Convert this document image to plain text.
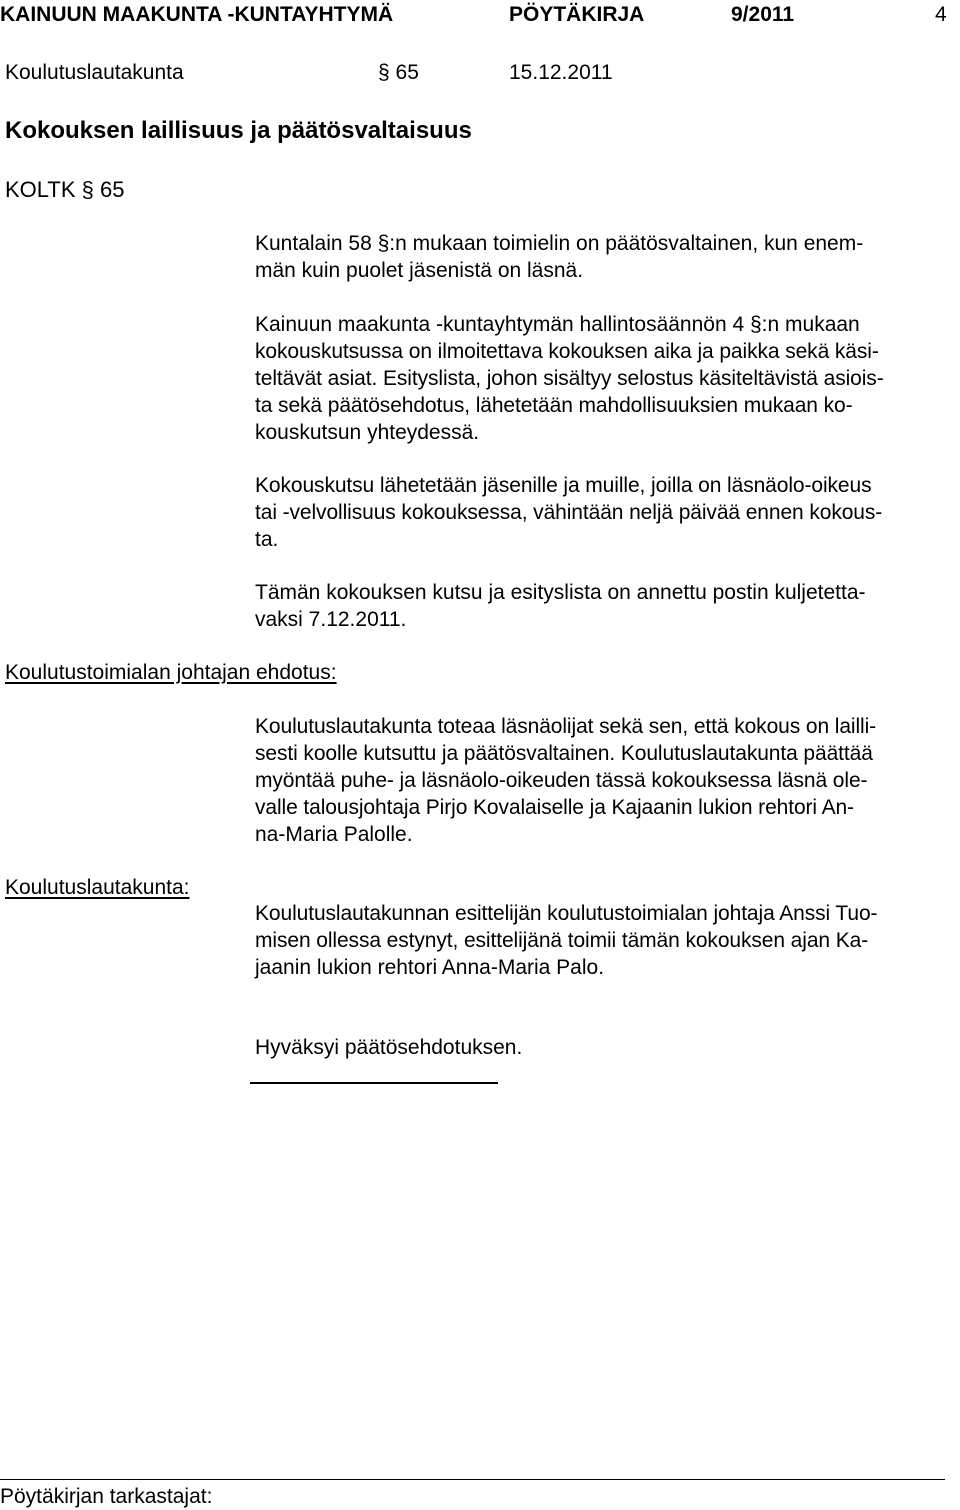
KAINUUN MAAKUNTA -KUNTAYHTYMÄ	PÖYTÄKIRJA	9/2011	4
Koulutuslautakunta	§ 65	15.12.2011
Kokouksen laillisuus ja päätösvaltaisuus
KOLTK § 65
Kuntalain 58 §:n mukaan toimielin on päätösvaltainen, kun enem-
män kuin puolet jäsenistä on läsnä.
Kainuun maakunta -kuntayhtymän hallintosäännön 4 §:n mukaan
kokouskutsussa on ilmoitettava kokouksen aika ja paikka sekä käsi-
teltävät asiat. Esityslista, johon sisältyy selostus käsiteltävistä asiois-
ta sekä päätösehdotus, lähetetään mahdollisuuksien mukaan ko-
kouskutsun yhteydessä.
Kokouskutsu lähetetään jäsenille ja muille, joilla on läsnäolo-oikeus
tai -velvollisuus kokouksessa, vähintään neljä päivää ennen kokous-
ta.
Tämän kokouksen kutsu ja esityslista on annettu postin kuljetetta-
vaksi 7.12.2011.
Koulutustoimialan johtajan ehdotus:
Koulutuslautakunta toteaa läsnäolijat sekä sen, että kokous on lailli-
sesti koolle kutsuttu ja päätösvaltainen. Koulutuslautakunta päättää
myöntää puhe- ja läsnäolo-oikeuden tässä kokouksessa läsnä ole-
valle talousjohtaja Pirjo Kovalaiselle ja Kajaanin lukion rehtori An-
na-Maria Palolle.
Koulutuslautakunta:
Koulutuslautakunnan esittelijän koulutustoimialan johtaja Anssi Tuo-
misen ollessa estynyt, esittelijänä toimii tämän kokouksen ajan Ka-
jaanin lukion rehtori Anna-Maria Palo.
Hyväksyi päätösehdotuksen.
Pöytäkirjan tarkastajat:
